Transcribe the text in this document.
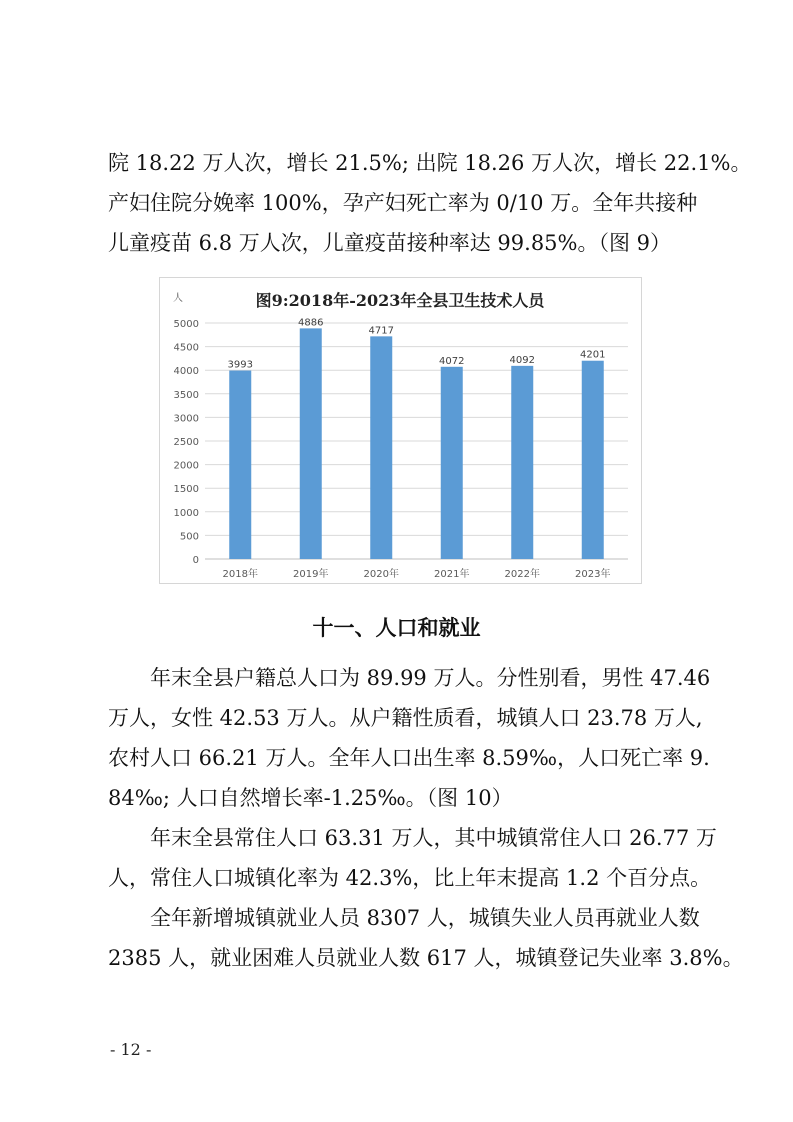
院 18.22 万人次，增长 21.5%; 出院 18.26 万人次，增长 22.1%。
产妇住院分娩率 100%，孕产妇死亡率为 0/10 万。全年共接种
儿童疫苗 6.8 万人次，儿童疫苗接种率达 99.85%。（图 9）
图9:2018年-2023年全县卫生技术人员
人
0
500
1000
1500
2000
2500
3000
3500
4000
4500
5000
2018年	2019年	2020年	2021年	2022年	2023年
3993
4886
4717
4072	4092	4201
十一、人口和就业
　　年末全县户籍总人口为 89.99 万人。分性别看，男性 47.46
万人，女性 42.53 万人。从户籍性质看，城镇人口 23.78 万人,
农村人口 66.21 万人。全年人口出生率 8.59‰，人口死亡率 9.
84‰; 人口自然增长率-1.25‰。（图 10）
　　年末全县常住人口 63.31 万人，其中城镇常住人口 26.77 万
人，常住人口城镇化率为 42.3%，比上年末提高 1.2 个百分点。
　　全年新增城镇就业人员 8307 人，城镇失业人员再就业人数
2385 人，就业困难人员就业人数 617 人，城镇登记失业率 3.8%。
- 12 -
